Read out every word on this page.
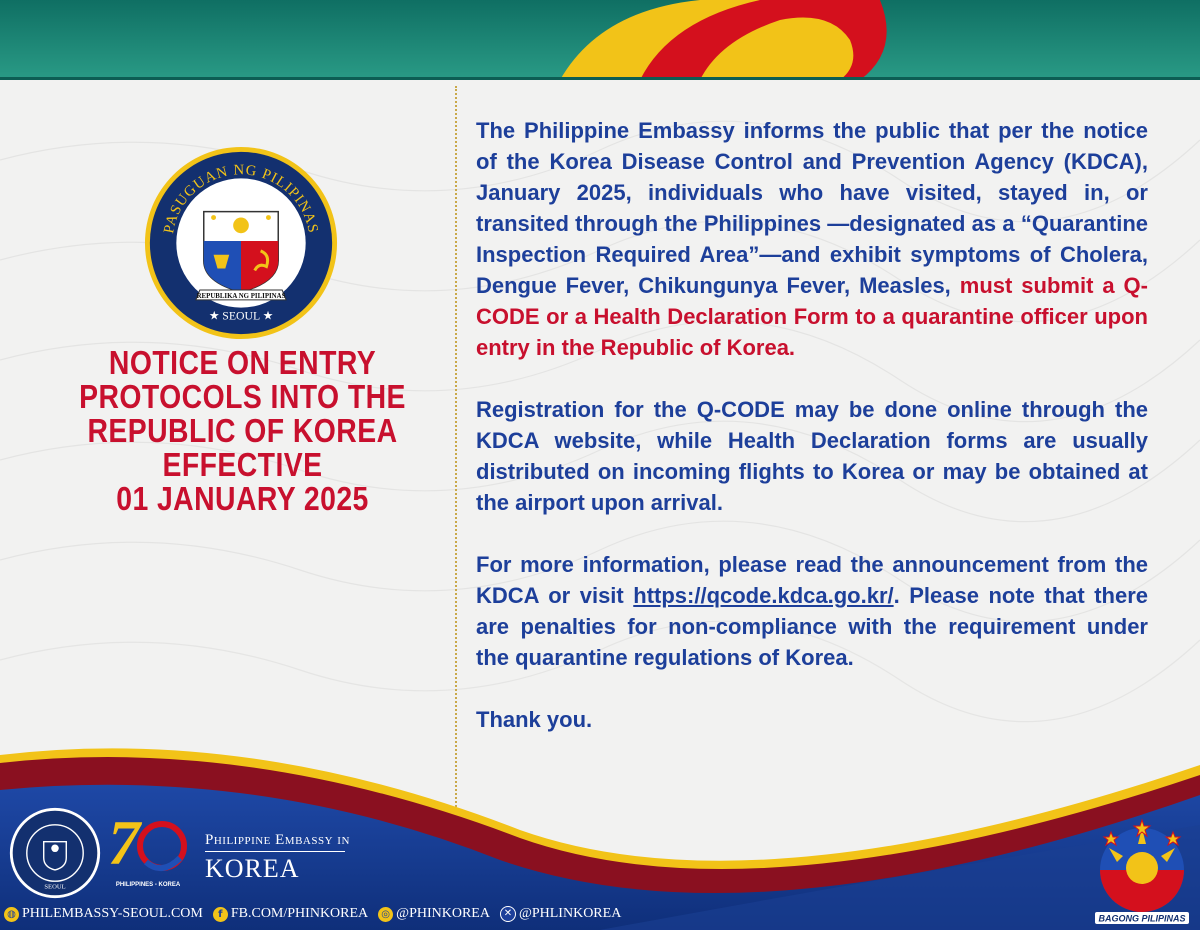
PASUGUAN NG PILIPINAS
★ SEOUL ★
REPUBLIKA NG PILIPINAS
NOTICE ON ENTRY
PROTOCOLS INTO THE
REPUBLIC OF KOREA
EFFECTIVE
01 JANUARY 2025

The Philippine Embassy informs the public that per the notice of the Korea Disease Control and Prevention Agency (KDCA), January 2025, individuals who have visited, stayed in, or transited through the Philippines —designated as a “Quarantine Inspection Required Area”—and exhibit symptoms of Cholera, Dengue Fever, Chikungunya Fever, Measles, must submit a Q-CODE or a Health Declaration Form to a quarantine officer upon entry in the Republic of Korea.

Registration for the Q-CODE may be done online through the KDCA website, while Health Declaration forms are usually distributed on incoming flights to Korea or may be obtained at the airport upon arrival.

For more information, please read the announcement from the KDCA or visit https://qcode.kdca.go.kr/. Please note that there are penalties for non-compliance with the requirement under the quarantine regulations of Korea.

Thank you.

SEOUL
7
PHILIPPINES - KOREA
Philippine Embassy in
KOREA
◍ PHILEMBASSY-SEOUL.COM	f FB.COM/PHINKOREA	◎ @PHINKOREA	✕ @PHLINKOREA	BAGONG PILIPINAS
